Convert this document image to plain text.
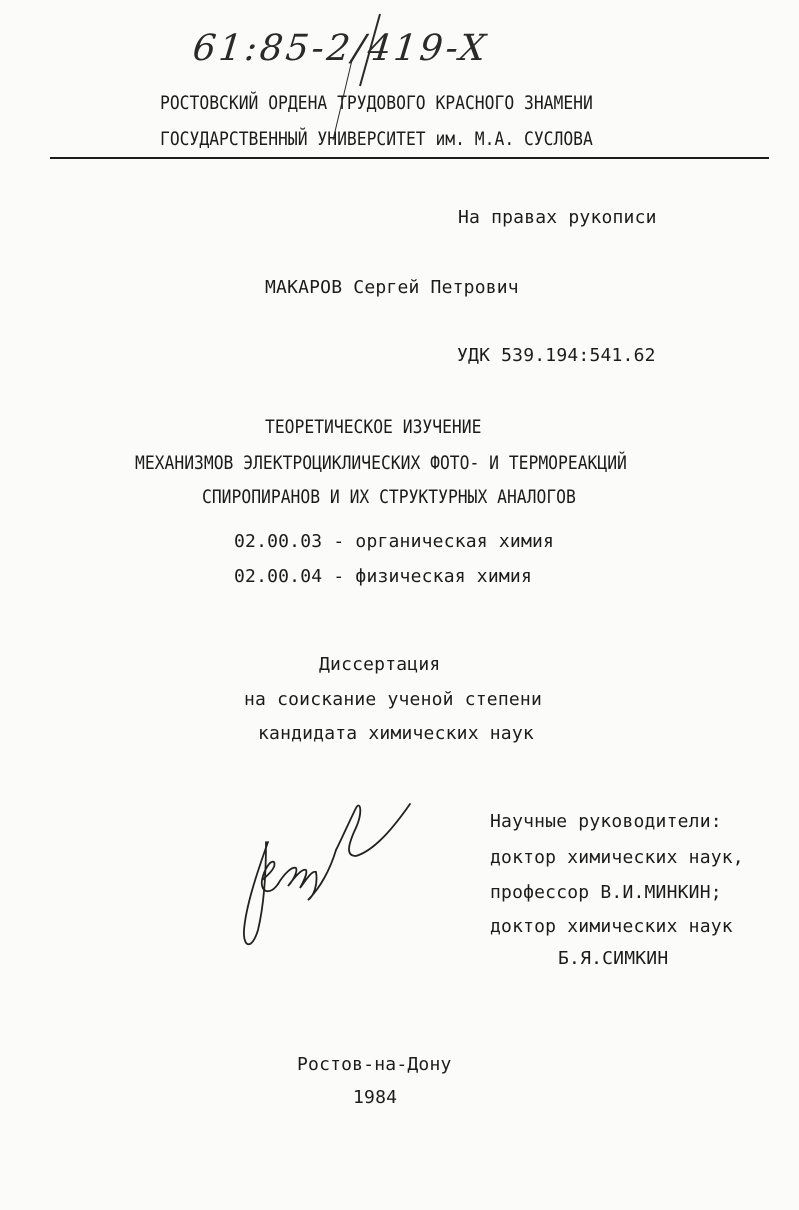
61:85-2/419-X
РОСТОВСКИЙ ОРДЕНА ТРУДОВОГО КРАСНОГО ЗНАМЕНИ
ГОСУДАРСТВЕННЫЙ УНИВЕРСИТЕТ им. М.А. СУСЛОВА
На правах рукописи
МАКАРОВ Сергей Петрович
УДК 539.194:541.62
ТЕОРЕТИЧЕСКОЕ ИЗУЧЕНИЕ
МЕХАНИЗМОВ ЭЛЕКТРОЦИКЛИЧЕСКИХ ФОТО- И ТЕРМОРЕАКЦИЙ
СПИРОПИРАНОВ И ИХ СТРУКТУРНЫХ АНАЛОГОВ
02.00.03 - органическая химия
02.00.04 - физическая химия
Диссертация
на соискание ученой степени
кандидата химических наук
Научные руководители:
доктор химических наук,
профессор В.И.МИНКИН;
доктор химических наук
Б.Я.СИМКИН
Ростов-на-Дону
1984
